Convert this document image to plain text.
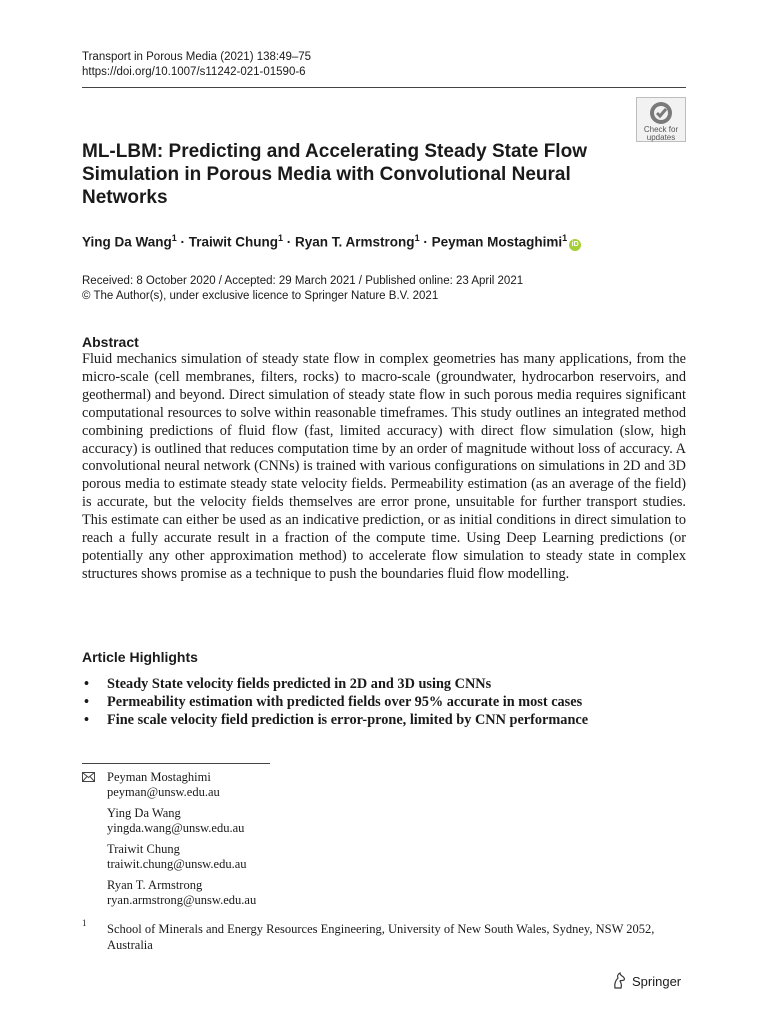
Transport in Porous Media (2021) 138:49–75
https://doi.org/10.1007/s11242-021-01590-6
Check for
updates
ML-LBM: Predicting and Accelerating Steady State Flow Simulation in Porous Media with Convolutional Neural Networks
Ying Da Wang$^1$ · Traiwit Chung$^1$ · Ryan T. Armstrong$^1$ · Peyman Mostaghimi$^1$iD
Received: 8 October 2020 / Accepted: 29 March 2021 / Published online: 23 April 2021
© The Author(s), under exclusive licence to Springer Nature B.V. 2021
Abstract

Fluid mechanics simulation of steady state flow in complex geometries has many applications, from the micro-scale (cell membranes, filters, rocks) to macro-scale (groundwater, hydrocarbon reservoirs, and geothermal) and beyond. Direct simulation of steady state flow in such porous media requires significant computational resources to solve within reasonable timeframes. This study outlines an integrated method combining predictions of fluid flow (fast, limited accuracy) with direct flow simulation (slow, high accuracy) is outlined that reduces computation time by an order of magnitude without loss of accuracy. A convolutional neural network (CNNs) is trained with various configurations on simulations in 2D and 3D porous media to estimate steady state velocity fields. Permeability estimation (as an average of the field) is accurate, but the velocity fields themselves are error prone, unsuitable for further transport studies. This estimate can either be used as an indicative prediction, or as initial conditions in direct simulation to reach a fully accurate result in a fraction of the compute time. Using Deep Learning predictions (or potentially any other approximation method) to accelerate flow simulation to steady state in complex structures shows promise as a technique to push the boundaries fluid flow modelling.

Article Highlights
• Steady State velocity fields predicted in 2D and 3D using CNNs
• Permeability estimation with predicted fields over 95% accurate in most cases
• Fine scale velocity field prediction is error-prone, limited by CNN performance
Peyman Mostaghimi
peyman@unsw.edu.au
Ying Da Wang
yingda.wang@unsw.edu.au
Traiwit Chung
traiwit.chung@unsw.edu.au
Ryan T. Armstrong
ryan.armstrong@unsw.edu.au
1 School of Minerals and Energy Resources Engineering, University of New South Wales, Sydney, NSW 2052, Australia
Springer
